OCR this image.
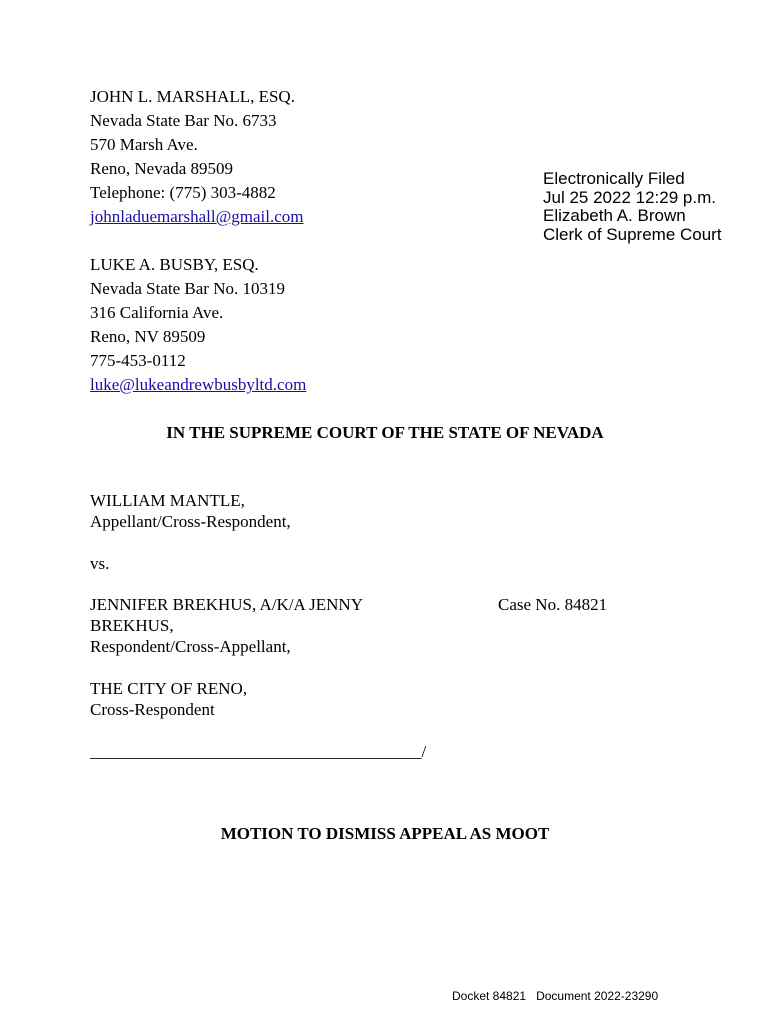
JOHN L. MARSHALL, ESQ.
Nevada State Bar No. 6733
570 Marsh Ave.
Reno, Nevada 89509
Telephone: (775) 303-4882
johnladuemarshall@gmail.com
LUKE A. BUSBY, ESQ.
Nevada State Bar No. 10319
316 California Ave.
Reno, NV 89509
775-453-0112
luke@lukeandrewbusbyltd.com
Electronically Filed
Jul 25 2022 12:29 p.m.
Elizabeth A. Brown
Clerk of Supreme Court
IN THE SUPREME COURT OF THE STATE OF NEVADA
WILLIAM MANTLE,
Appellant/Cross-Respondent,
vs.
JENNIFER BREKHUS, A/K/A JENNY
BREKHUS,
Respondent/Cross-Appellant,
THE CITY OF RENO,
Cross-Respondent
_______________________________________/
Case No. 84821
MOTION TO DISMISS APPEAL AS MOOT
Docket 84821 Document 2022-23290
